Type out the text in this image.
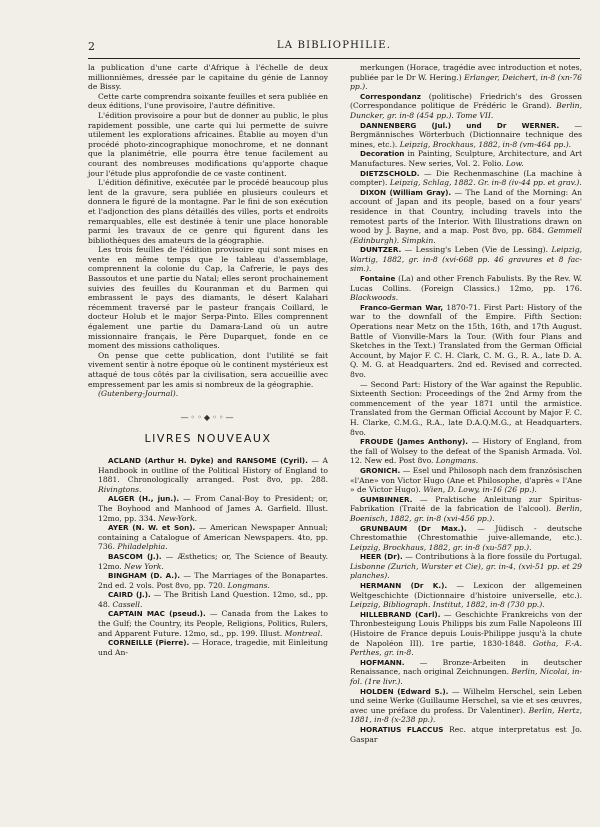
2	LA BIBLIOPHILIE.

la publication d'une carte d'Afrique à l'échelle de deux millionnièmes, dressée par le capitaine du génie de Lannoy de Bissy.

Cette carte comprendra soixante feuilles et sera publiée en deux éditions, l'une provisoire, l'autre définitive.

L'édition provisoire a pour but de donner au public, le plus rapidement possible, une carte qui lui permette de suivre utilement les explorations africaines. Établie au moyen d'un procédé photo-zincographique monochrome, et ne donnant que la planimétrie, elle pourra être tenue facilement au courant des nombreuses modifications qu'apporte chaque jour l'étude plus approfondie de ce vaste continent.

L'édition définitive, exécutée par le procédé beaucoup plus lent de la gravure, sera publiée en plusieurs couleurs et donnera le figuré de la montagne. Par le fini de son exécution et l'adjonction des plans détaillés des villes, ports et endroits remarquables, elle est destinée à tenir une place honorable parmi les travaux de ce genre qui figurent dans les bibliothèques des amateurs de la géographie.

Les trois feuilles de l'édition provisoire qui sont mises en vente en même temps que le tableau d'assemblage, comprennent la colonie du Cap, la Cafrerie, le pays des Bassoutos et une partie du Natal; elles seront prochainement suivies des feuilles du Kouranman et du Barmen qui embrassent le pays des diamants, le désert Kalahari récemment traversé par le pasteur français Coillard, le docteur Holub et le major Serpa-Pinto. Elles comprennent également une partie du Damara-Land où un autre missionnaire français, le Père Duparquet, fonde en ce moment des missions catholiques.

On pense que cette publication, dont l'utilité se fait vivement sentir à notre époque où le continent mystérieux est attaqué de tous côtés par la civilisation, sera accueillie avec empressement par les amis si nombreux de la géographie.

(Gutenberg-Journal).

—◦◦◆◦◦—
LIVRES NOUVEAUX

ACLAND (Arthur H. Dyke) and RANSOME (Cyril). — A Handbook in outline of the Political History of England to 1881. Chronologically arranged. Post 8vo, pp. 288. Rivingtons.

ALGER (H., jun.). — From Canal-Boy to President; or, The Boyhood and Manhood of James A. Garfield. Illust. 12mo, pp. 334. New-York.

AYER (N. W. et Son). — American Newspaper Annual; containing a Catalogue of American Newspapers. 4to, pp. 736. Philadelphia.

BASCOM (J.). — Æsthetics; or, The Science of Beauty. 12mo. New York.

BINGHAM (D. A.). — The Marriages of the Bonapartes. 2nd ed. 2 vols. Post 8vo, pp. 720. Longmans.

CAIRD (J.). — The British Land Question. 12mo, sd., pp. 48. Cassell.

CAPTAIN MAC (pseud.). — Canada from the Lakes to the Gulf; the Country, its People, Religions, Politics, Rulers, and Apparent Future. 12mo, sd., pp. 199. Illust. Montreal.

CORNEILLE (Pierre). — Horace, tragedie, mit Einleitung und An-

merkungen (Horace, tragédie avec introduction et notes, publiée par le Dr W. Hering.) Erlanger, Deichert, in-8 (xn-76 pp.).

Correspondanz (politische) Friedrich's des Grossen (Correspondance politique de Frédéric le Grand). Berlin, Duncker, gr. in-8 (454 pp.). Tome VII.

DANNENBERG (Jul.) und Dr WERNER. — Bergmännisches Wörterbuch (Dictionnaire technique des mines, etc.). Leipzig, Brockhaus, 1882, in-8 (vm-464 pp.).

Decoration in Painting, Sculpture, Architecture, and Art Manufactures. New series, Vol. 2. Folio. Low.

DIETZSCHOLD. — Die Rechenmaschine (La machine à compter). Leipzig, Schlag, 1882. Gr. in-8 (iv-44 pp. et grav.).

DIXON (William Gray). — The Land of the Morning: An account of Japan and its people, based on a four years' residence in that Country, including travels into the remotest parts of the Interior. With Illustrations drawn on wood by J. Bayne, and a map. Post 8vo, pp. 684. Gemmell (Edinburgh). Simpkin.

DUNTZER. — Lessing's Leben (Vie de Lessing). Leipzig, Wartig, 1882, gr. in-8 (xvi-668 pp. 46 gravures et 8 fac-sim.).

Fontaine (La) and other French Fabulists. By the Rev. W. Lucas Collins. (Foreign Classics.) 12mo, pp. 176. Blackwoods.

Franco-German War, 1870-71. First Part: History of the war to the downfall of the Empire. Fifth Section: Operations near Metz on the 15th, 16th, and 17th August. Battle of Vionville-Mars la Tour. (With four Plans and Sketches in the Text.) Translated from the German Official Account, by Major F. C. H. Clark, C. M. G., R. A., late D. A. Q. M. G. at Headquarters. 2nd ed. Revised and corrected. 8vo.

— Second Part: History of the War against the Republic. Sixteenth Section: Proceedings of the 2nd Army from the commencement of the year 1871 until the armistice. Translated from the German Official Account by Major F. C. H. Clarke, C.M.G., R.A., late D.A.Q.M.G., at Headquarters. 8vo.

FROUDE (James Anthony). — History of England, from the fall of Wolsey to the defeat of the Spanish Armada. Vol. 12. New ed. Post 8vo. Longmans.

GRONICH. — Esel und Philosoph nach dem französischen «l'Ane» von Victor Hugo (Ane et Philosophe, d'après « l'Ane » de Victor Hugo). Wien, D. Lowy, in-16 (26 pp.).

GUMBINNER. — Praktische Anleitung zur Spiritus-Fabrikation (Traité de la fabrication de l'alcool). Berlin, Boenisch, 1882, gr. in-8 (xvi-456 pp.).

GRUNBAUM (Dr Max.). — Jüdisch - deutsche Chrestomathie (Chrestomathie juive-allemande, etc.). Leipzig, Brockhaus, 1882, gr. in-8 (xu-587 pp.).

HEER (Dr). — Contributions à la flore fossile du Portugal. Lisbonne (Zurich, Wurster et Cie), gr. in-4, (xvi-51 pp. et 29 planches).

HERMANN (Dr K.). — Lexicon der allgemeinen Weltgeschichte (Dictionnaire d'histoire universelle, etc.). Leipzig, Bibliograph. Institut, 1882, in-8 (730 pp.).

HILLEBRAND (Carl). — Geschichte Frankreichs von der Thronbesteigung Louis Philipps bis zum Falle Napoleons III (Histoire de France depuis Louis-Philippe jusqu'à la chute de Napoléon III). 1re partie, 1830-1848. Gotha, F.-A. Perthes, gr. in-8.

HOFMANN. — Bronze-Arbeiten in deutscher Renaissance, nach original Zeichnungen. Berlin, Nicolai, in-fol. (1re livr.).

HOLDEN (Edward S.). — Wilhelm Herschel, sein Leben und seine Werke (Guillaume Herschel, sa vie et ses œuvres, avec une préface du profess. Dr Valentiner). Berlin, Hertz, 1881, in-8 (x-238 pp.).

HORATIUS FLACCUS Rec. atque interpretatus est Jo. Gaspar
